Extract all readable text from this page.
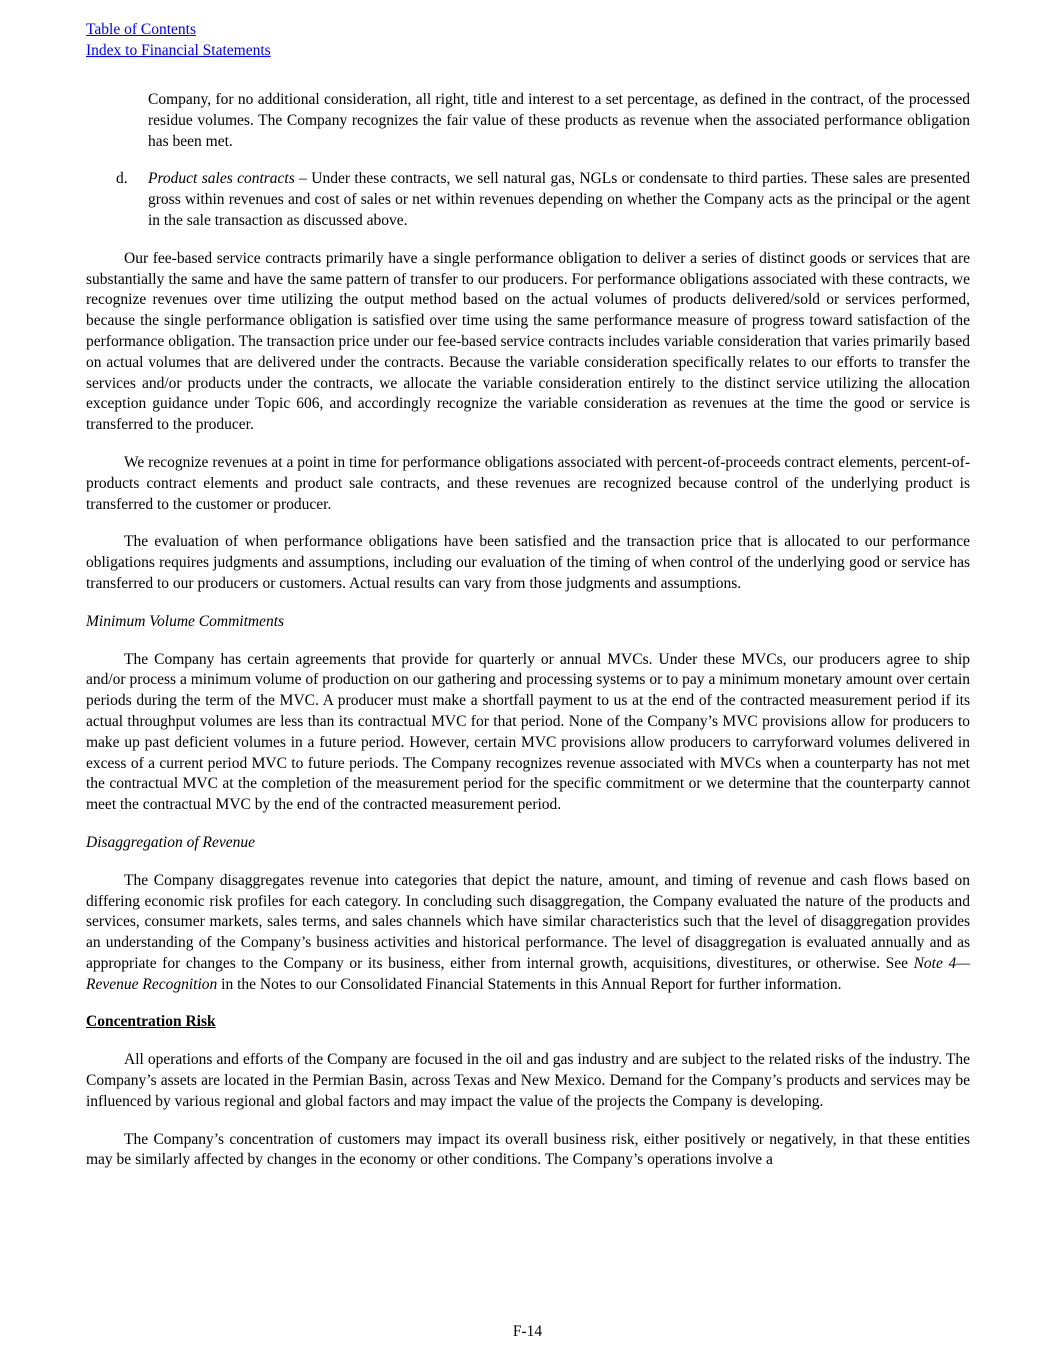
Table of Contents
Index to Financial Statements

Company, for no additional consideration, all right, title and interest to a set percentage, as defined in the contract, of the processed residue volumes. The Company recognizes the fair value of these products as revenue when the associated performance obligation has been met.

d. Product sales contracts – Under these contracts, we sell natural gas, NGLs or condensate to third parties. These sales are presented gross within revenues and cost of sales or net within revenues depending on whether the Company acts as the principal or the agent in the sale transaction as discussed above.

Our fee-based service contracts primarily have a single performance obligation to deliver a series of distinct goods or services that are substantially the same and have the same pattern of transfer to our producers. For performance obligations associated with these contracts, we recognize revenues over time utilizing the output method based on the actual volumes of products delivered/sold or services performed, because the single performance obligation is satisfied over time using the same performance measure of progress toward satisfaction of the performance obligation. The transaction price under our fee-based service contracts includes variable consideration that varies primarily based on actual volumes that are delivered under the contracts. Because the variable consideration specifically relates to our efforts to transfer the services and/or products under the contracts, we allocate the variable consideration entirely to the distinct service utilizing the allocation exception guidance under Topic 606, and accordingly recognize the variable consideration as revenues at the time the good or service is transferred to the producer.

We recognize revenues at a point in time for performance obligations associated with percent-of-proceeds contract elements, percent-of-products contract elements and product sale contracts, and these revenues are recognized because control of the underlying product is transferred to the customer or producer.

The evaluation of when performance obligations have been satisfied and the transaction price that is allocated to our performance obligations requires judgments and assumptions, including our evaluation of the timing of when control of the underlying good or service has transferred to our producers or customers. Actual results can vary from those judgments and assumptions.

Minimum Volume Commitments

The Company has certain agreements that provide for quarterly or annual MVCs. Under these MVCs, our producers agree to ship and/or process a minimum volume of production on our gathering and processing systems or to pay a minimum monetary amount over certain periods during the term of the MVC. A producer must make a shortfall payment to us at the end of the contracted measurement period if its actual throughput volumes are less than its contractual MVC for that period. None of the Company’s MVC provisions allow for producers to make up past deficient volumes in a future period. However, certain MVC provisions allow producers to carryforward volumes delivered in excess of a current period MVC to future periods. The Company recognizes revenue associated with MVCs when a counterparty has not met the contractual MVC at the completion of the measurement period for the specific commitment or we determine that the counterparty cannot meet the contractual MVC by the end of the contracted measurement period.

Disaggregation of Revenue

The Company disaggregates revenue into categories that depict the nature, amount, and timing of revenue and cash flows based on differing economic risk profiles for each category. In concluding such disaggregation, the Company evaluated the nature of the products and services, consumer markets, sales terms, and sales channels which have similar characteristics such that the level of disaggregation provides an understanding of the Company’s business activities and historical performance. The level of disaggregation is evaluated annually and as appropriate for changes to the Company or its business, either from internal growth, acquisitions, divestitures, or otherwise. See Note 4—Revenue Recognition in the Notes to our Consolidated Financial Statements in this Annual Report for further information.

Concentration Risk

All operations and efforts of the Company are focused in the oil and gas industry and are subject to the related risks of the industry. The Company’s assets are located in the Permian Basin, across Texas and New Mexico. Demand for the Company’s products and services may be influenced by various regional and global factors and may impact the value of the projects the Company is developing.

The Company’s concentration of customers may impact its overall business risk, either positively or negatively, in that these entities may be similarly affected by changes in the economy or other conditions. The Company’s operations involve a

F-14
